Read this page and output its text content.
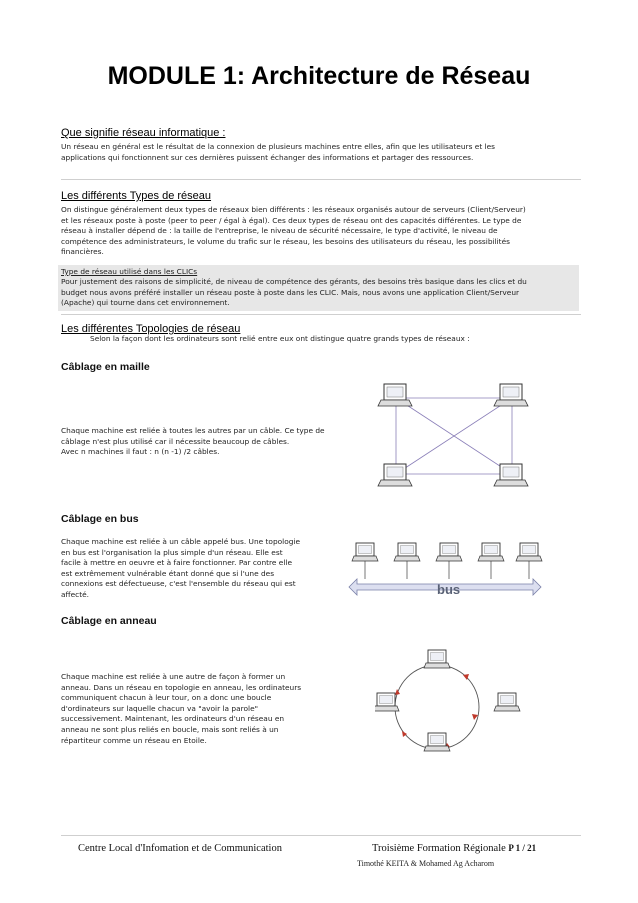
MODULE 1: Architecture de Réseau
Que signifie réseau informatique :
Un réseau en général est le résultat de la connexion de plusieurs machines entre elles, afin que les utilisateurs et les
applications qui fonctionnent sur ces dernières puissent échanger des informations et partager des ressources.
Les différents Types de réseau
On distingue généralement deux types de réseaux bien différents : les réseaux organisés autour de serveurs (Client/Serveur)
et les réseaux poste à poste (peer to peer / égal à égal). Ces deux types de réseau ont des capacités différentes. Le type de
réseau à installer dépend de : la taille de l'entreprise, le niveau de sécurité nécessaire, le type d'activité, le niveau de
compétence des administrateurs, le volume du trafic sur le réseau, les besoins des utilisateurs du réseau, les possibilités
financières.
Type de réseau utilisé dans les CLICs
Pour justement des raisons de simplicité, de niveau de compétence des gérants, des besoins très basique dans les clics et du
budget nous avons préféré installer un réseau poste à poste dans les CLIC. Mais, nous avons une application Client/Serveur
(Apache) qui tourne dans cet environnement.
Les différentes Topologies de réseau
Selon la façon dont les ordinateurs sont relié entre eux ont distingue quatre grands types de réseaux :
Câblage en maille
Chaque machine est reliée à toutes les autres par un câble. Ce type de
câblage n'est plus utilisé car il nécessite beaucoup de câbles.
Avec n machines il faut : n (n -1) /2 câbles.
Câblage en bus
Chaque machine est reliée à un câble appelé bus. Une topologie
en bus est l'organisation la plus simple d'un réseau. Elle est
facile à mettre en oeuvre et à faire fonctionner. Par contre elle
est extrêmement vulnérable étant donné que si l'une des
connexions est défectueuse, c'est l'ensemble du réseau qui est
affecté.	bus
Câblage en anneau
Chaque machine est reliée à une autre de façon à former un
anneau. Dans un réseau en topologie en anneau, les ordinateurs
communiquent chacun à leur tour, on a donc une boucle
d'ordinateurs sur laquelle chacun va "avoir la parole"
successivement. Maintenant, les ordinateurs d'un réseau en
anneau ne sont plus reliés en boucle, mais sont reliés à un
répartiteur comme un réseau en Etoile.
Centre Local d'Infomation et de Communication	Troisième Formation Régionale P 1 / 21
Timothé KEITA & Mohamed Ag Acharom
